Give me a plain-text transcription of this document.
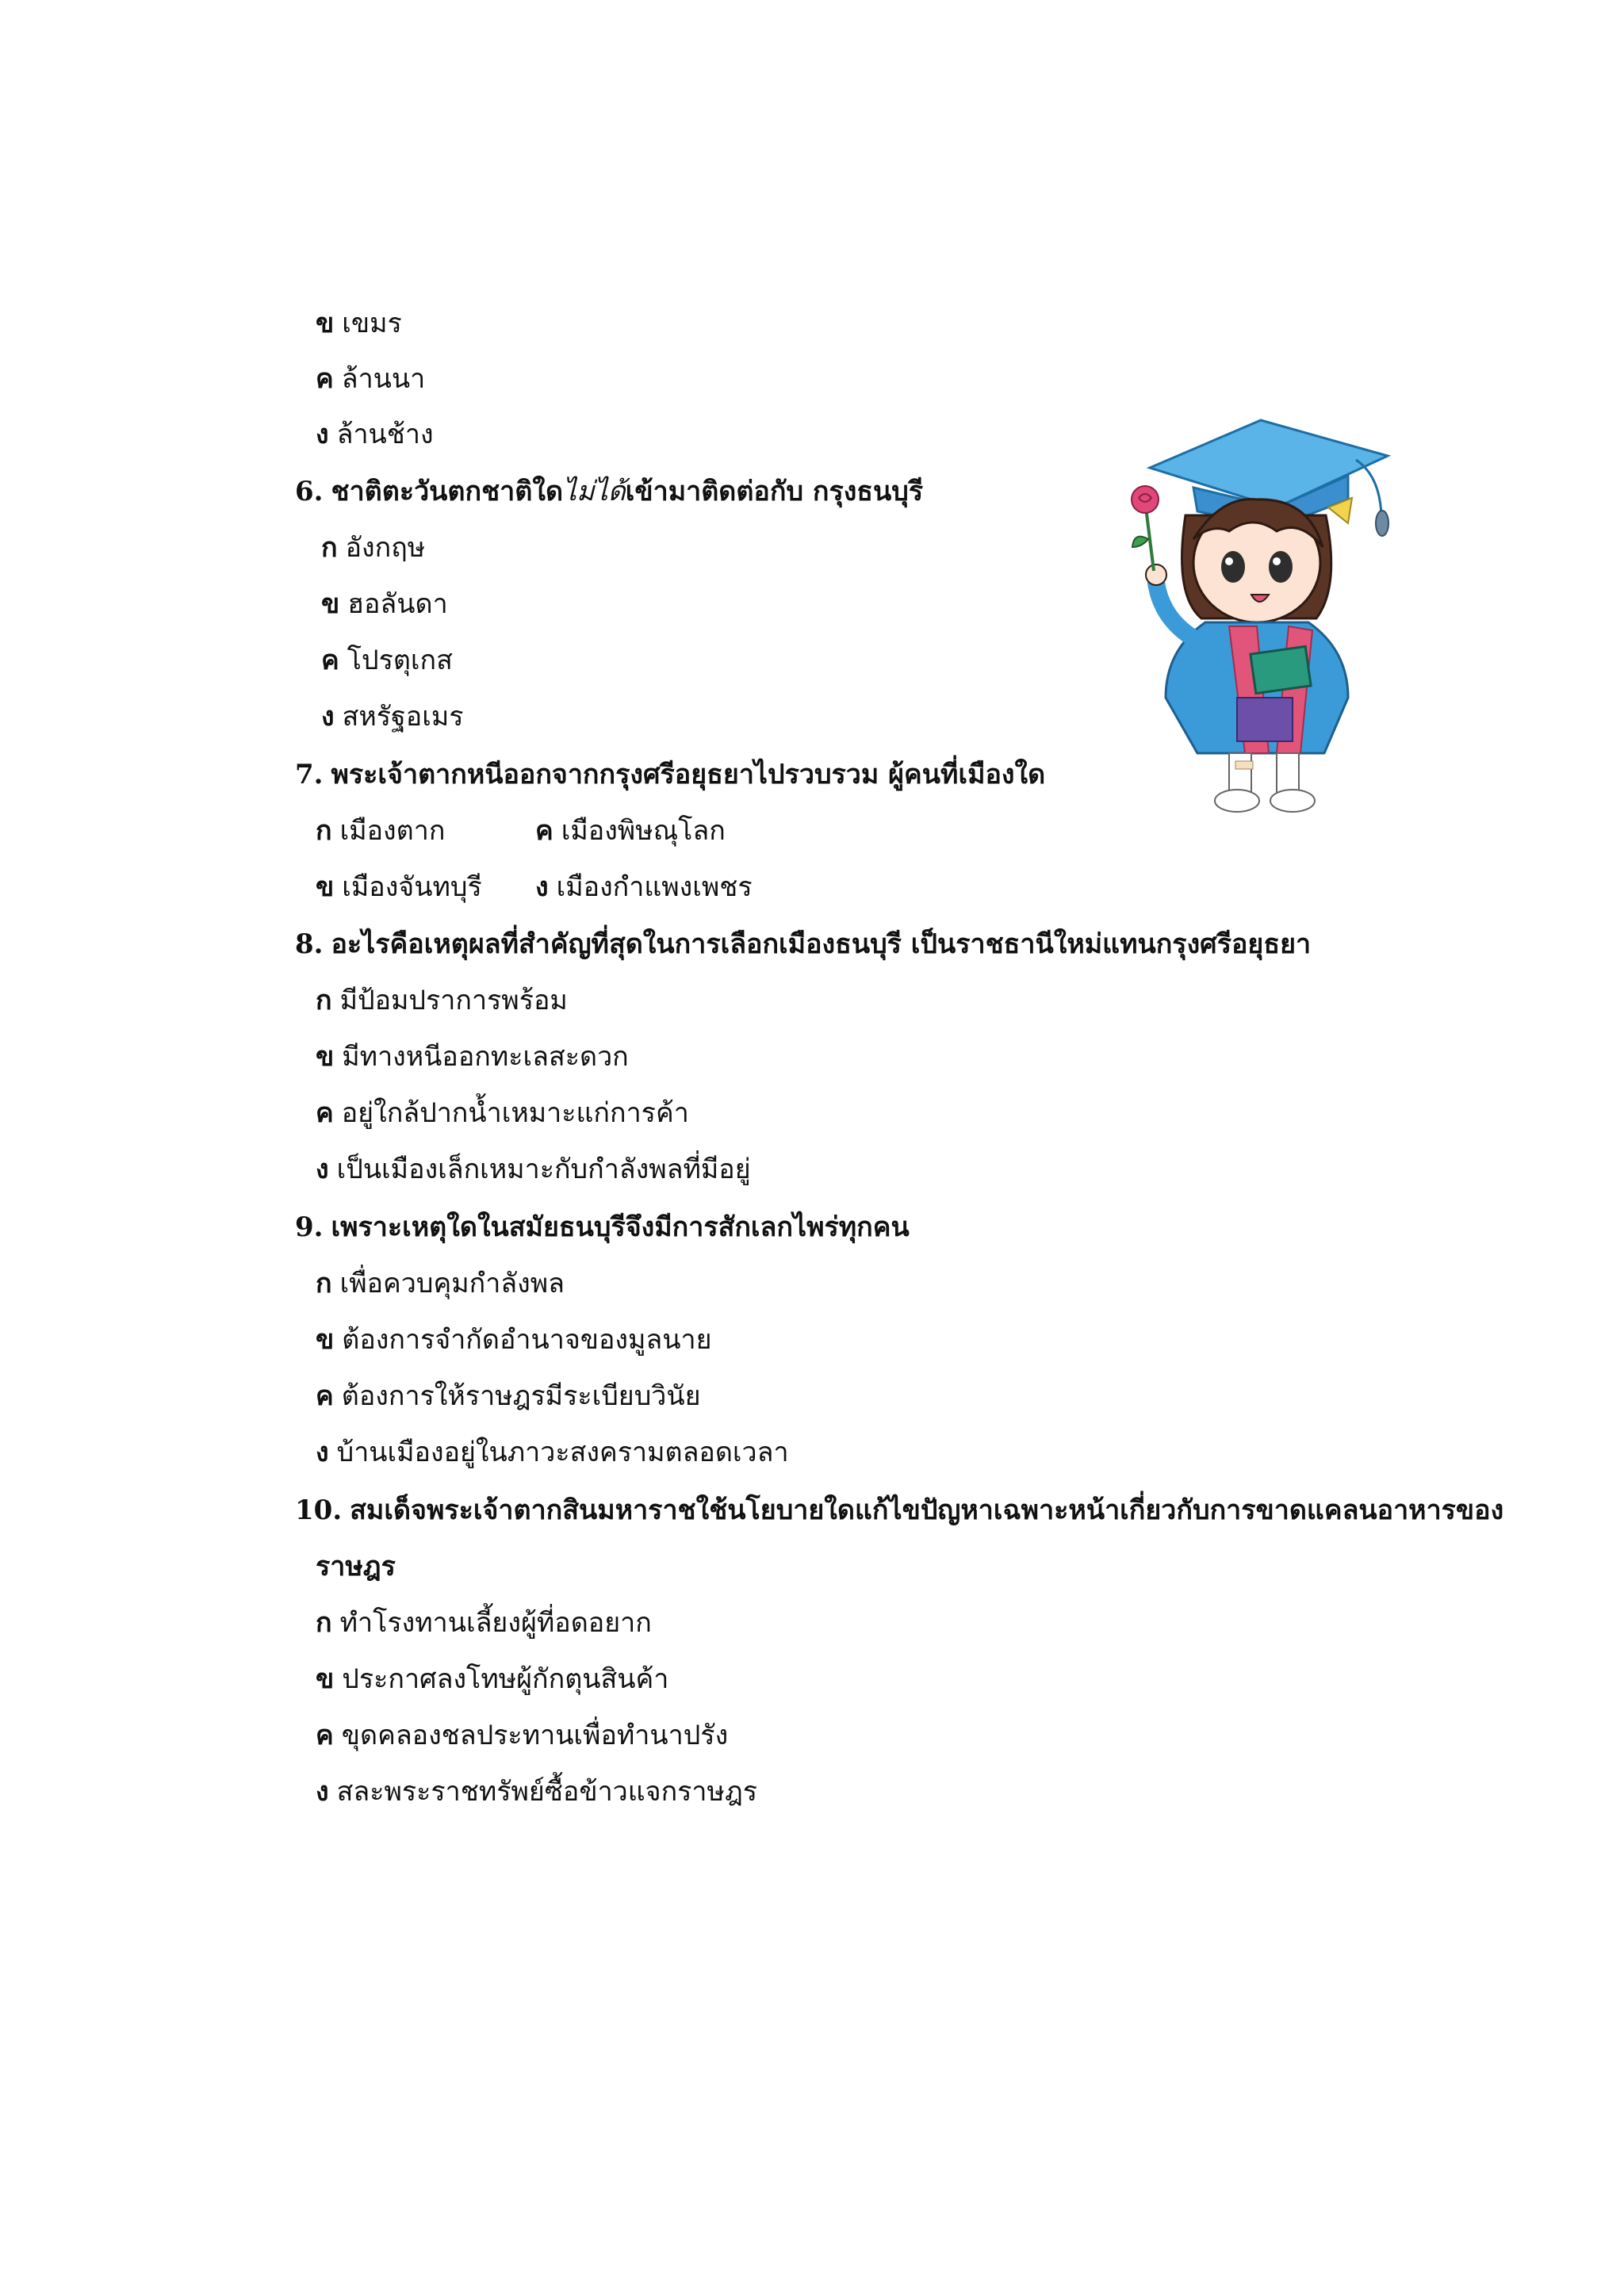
ข เขมร
ค ล้านนา
ง ล้านช้าง
6. ชาติตะวันตกชาติใดไม่ได้เข้ามาติดต่อกับ กรุงธนบุรี
ก อังกฤษ
ข ฮอลันดา
ค โปรตุเกส
ง สหรัฐอเมร
7. พระเจ้าตากหนีออกจากกรุงศรีอยุธยาไปรวบรวม ผู้คนที่เมืองใด
ก เมืองตาก	ค เมืองพิษณุโลก
ข เมืองจันทบุรี ง เมืองกำแพงเพชร
8. อะไรคือเหตุผลที่สำคัญที่สุดในการเลือกเมืองธนบุรี เป็นราชธานีใหม่แทนกรุงศรีอยุธยา
ก มีป้อมปราการพร้อม
ข มีทางหนีออกทะเลสะดวก
ค อยู่ใกล้ปากน้ำเหมาะแก่การค้า
ง เป็นเมืองเล็กเหมาะกับกำลังพลที่มีอยู่
9. เพราะเหตุใดในสมัยธนบุรีจึงมีการสักเลกไพร่ทุกคน
ก เพื่อควบคุมกำลังพล
ข ต้องการจำกัดอำนาจของมูลนาย
ค ต้องการให้ราษฎรมีระเบียบวินัย
ง บ้านเมืองอยู่ในภาวะสงครามตลอดเวลา
10. สมเด็จพระเจ้าตากสินมหาราชใช้นโยบายใดแก้ไขปัญหาเฉพาะหน้าเกี่ยวกับการขาดแคลนอาหารของ
ราษฎร
ก ทำโรงทานเลี้ยงผู้ที่อดอยาก
ข ประกาศลงโทษผู้กักตุนสินค้า
ค ขุดคลองชลประทานเพื่อทำนาปรัง
ง สละพระราชทรัพย์ซื้อข้าวแจกราษฎร
